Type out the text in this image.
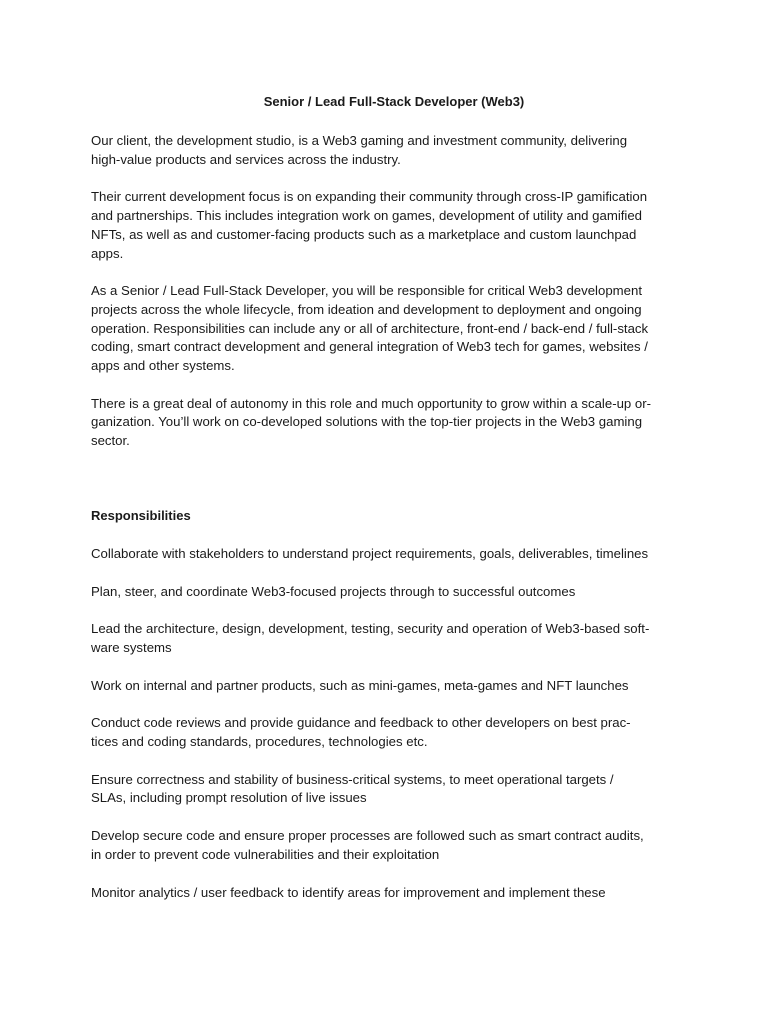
Senior / Lead Full-Stack Developer (Web3)

Our client, the development studio, is a Web3 gaming and investment community, delivering
high-value products and services across the industry.

Their current development focus is on expanding their community through cross-IP gamification
and partnerships. This includes integration work on games, development of utility and gamified
NFTs, as well as and customer-facing products such as a marketplace and custom launchpad
apps.

As a Senior / Lead Full-Stack Developer, you will be responsible for critical Web3 development
projects across the whole lifecycle, from ideation and development to deployment and ongoing
operation. Responsibilities can include any or all of architecture, front-end / back-end / full-stack
coding, smart contract development and general integration of Web3 tech for games, websites /
apps and other systems.

There is a great deal of autonomy in this role and much opportunity to grow within a scale-up or-
ganization. You’ll work on co-developed solutions with the top-tier projects in the Web3 gaming
sector.

Responsibilities

Collaborate with stakeholders to understand project requirements, goals, deliverables, timelines

Plan, steer, and coordinate Web3-focused projects through to successful outcomes

Lead the architecture, design, development, testing, security and operation of Web3-based soft-
ware systems

Work on internal and partner products, such as mini-games, meta-games and NFT launches

Conduct code reviews and provide guidance and feedback to other developers on best prac-
tices and coding standards, procedures, technologies etc.

Ensure correctness and stability of business-critical systems, to meet operational targets /
SLAs, including prompt resolution of live issues

Develop secure code and ensure proper processes are followed such as smart contract audits,
in order to prevent code vulnerabilities and their exploitation

Monitor analytics / user feedback to identify areas for improvement and implement these
